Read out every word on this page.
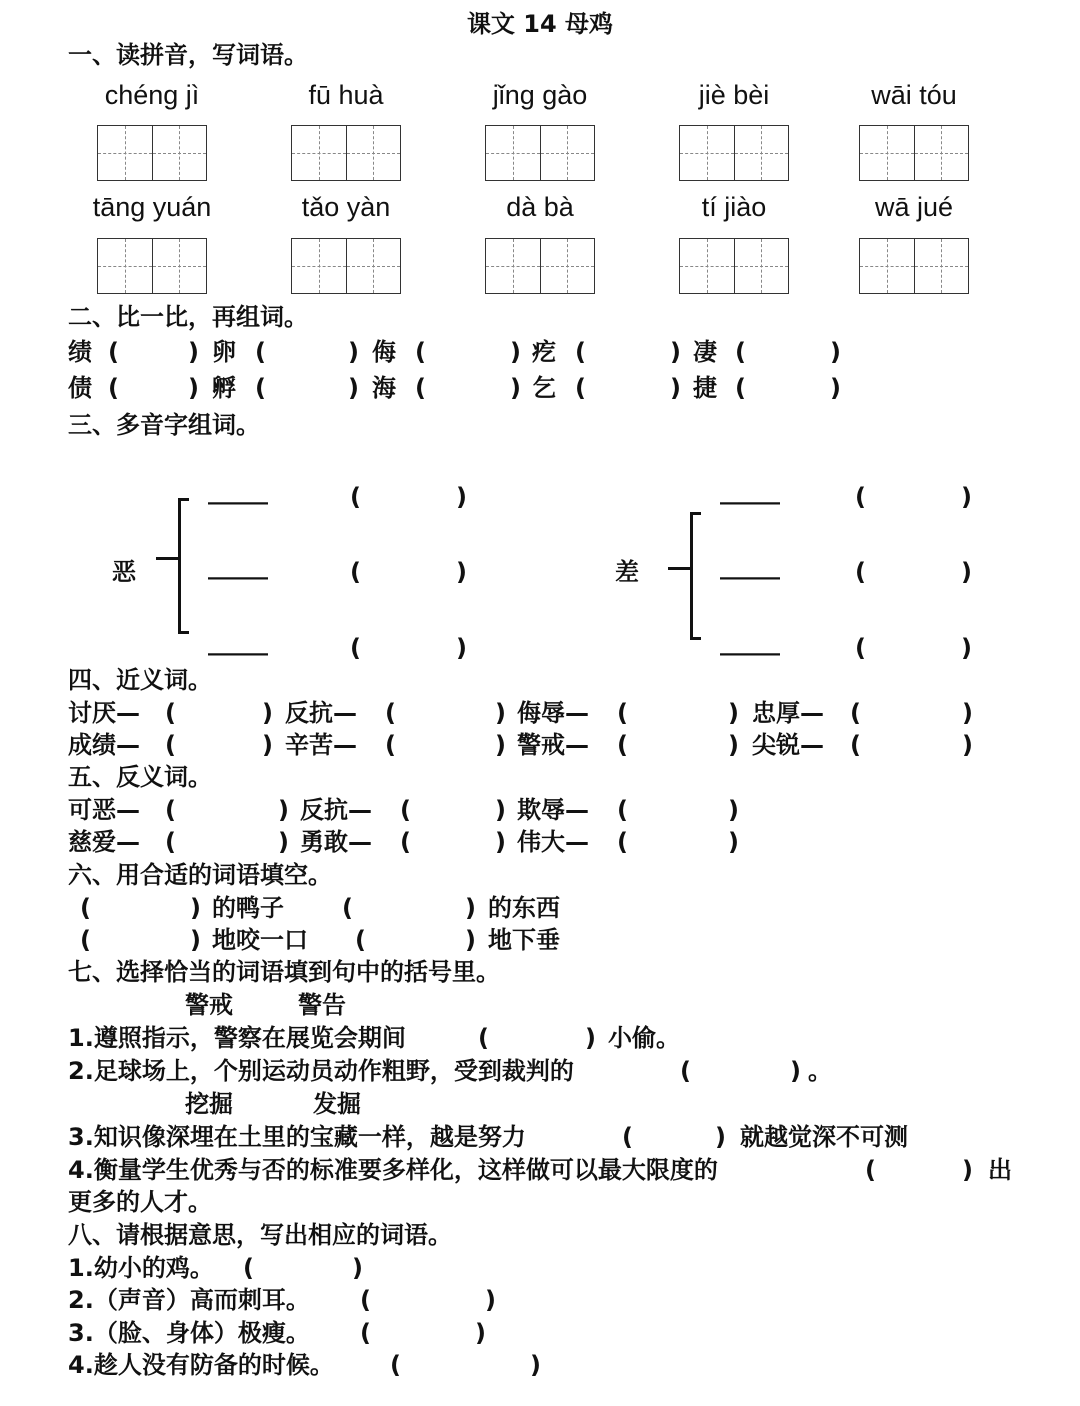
课文 14 母鸡
一、读拼音，写词语。
chéng jì	fū huà	jǐng gào	jiè bèi	wāi tóu
tāng yuán	tǎo yàn	dà bà	tí jiào	wā jué
二、比一比，再组词。
绩 (	) 卵 (	) 侮 (	) 疙 (	) 凄 (	)
债 (	) 孵 (	) 海 (	) 乞 (	) 捷 (	)
三、多音字组词。
恶
_____	(	)
_____	(	)
_____	(	)
差
_____	(	)
_____	(	)
_____	(	)
四、近义词。
讨厌— (	) 反抗— (	) 侮辱— (	) 忠厚— (	)
成绩— (	) 辛苦— (	) 警戒— (	) 尖锐— (	)
五、反义词。
可恶— (	) 反抗— (	) 欺辱— (	)
慈爱— (	) 勇敢— (	) 伟大— (	)
六、用合适的词语填空。
(	) 的鸭子 (	) 的东西
(	) 地咬一口 (	) 地下垂
七、选择恰当的词语填到句中的括号里。
警戒	警告
1.遵照指示，警察在展览会期间	(	) 小偷。
2.足球场上，个别运动员动作粗野，受到裁判的	(	) 。
挖掘	发掘
3.知识像深埋在土里的宝藏一样，越是努力	(	) 就越觉深不可测
4.衡量学生优秀与否的标准要多样化，这样做可以最大限度的	(	) 出
更多的人才。
八、请根据意思，写出相应的词语。
1.幼小的鸡。 (	)
2.（声音）高而刺耳。 (	)
3.（脸、身体）极瘦。 (	)
4.趁人没有防备的时候。 (	)
